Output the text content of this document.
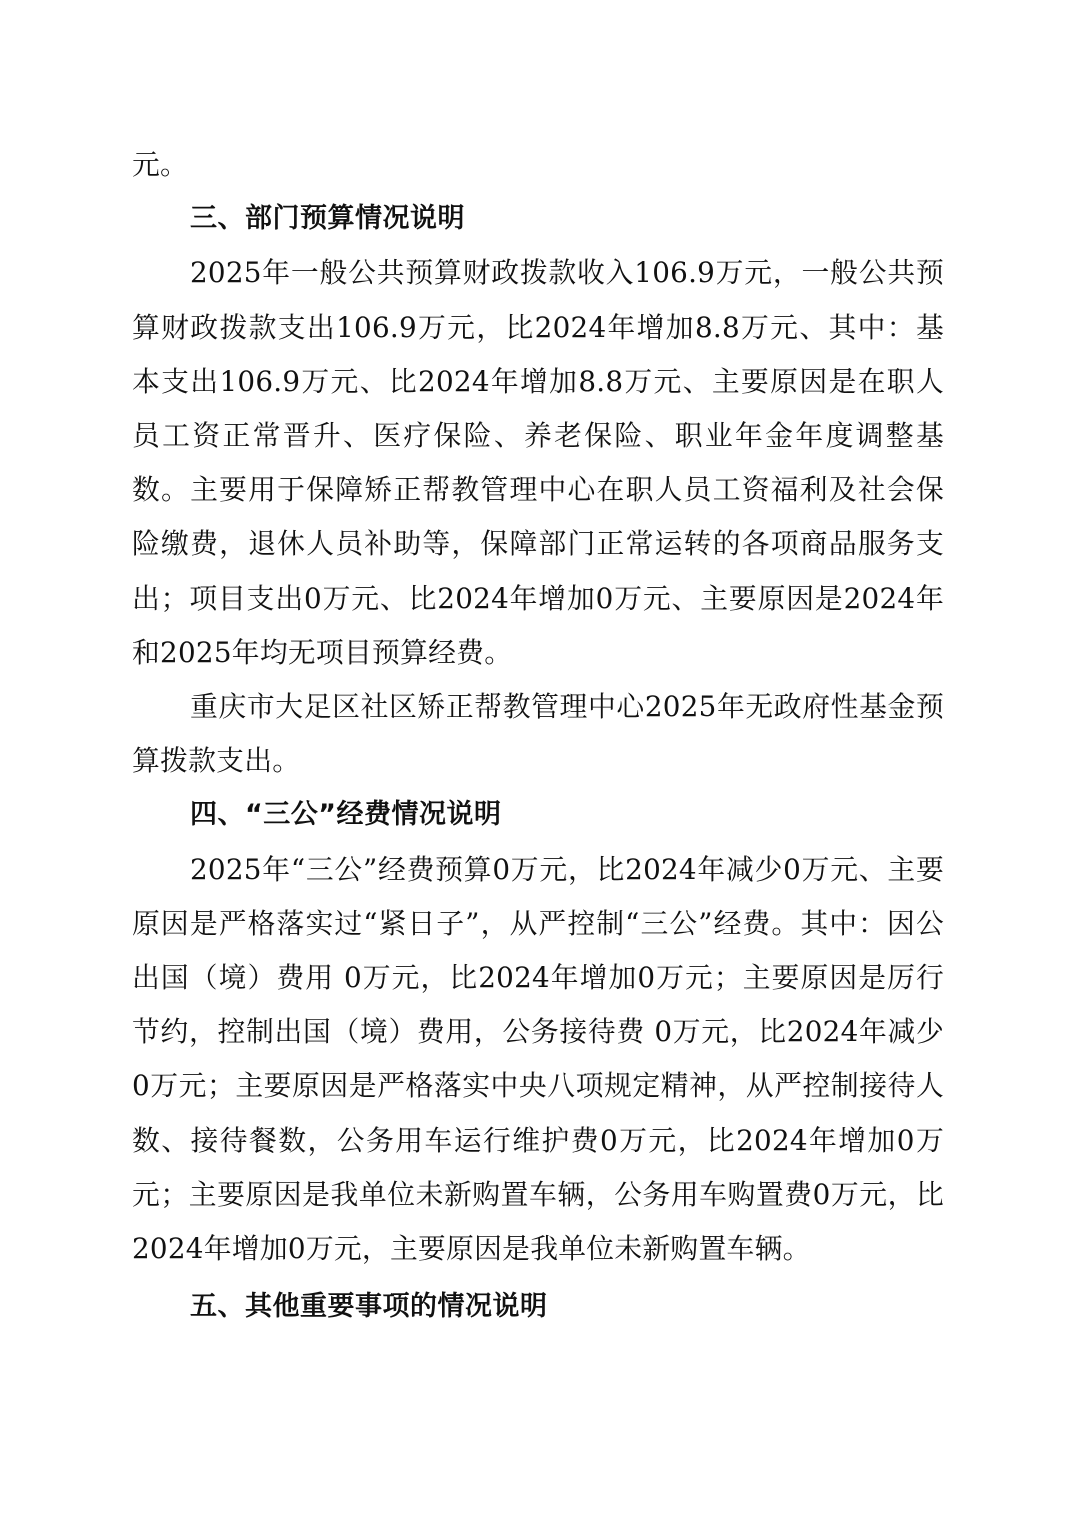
元。

三、部门预算情况说明

2025年一般公共预算财政拨款收入106.9万元，一般公共预算财政拨款支出106.9万元，比2024年增加8.8万元、其中：基本支出106.9万元、比2024年增加8.8万元、主要原因是在职人员工资正常晋升、医疗保险、养老保险、职业年金年度调整基数。主要用于保障矫正帮教管理中心在职人员工资福利及社会保险缴费，退休人员补助等，保障部门正常运转的各项商品服务支出；项目支出0万元、比2024年增加0万元、主要原因是2024年和2025年均无项目预算经费。

重庆市大足区社区矫正帮教管理中心2025年无政府性基金预算拨款支出。

四、“三公”经费情况说明

2025年“三公”经费预算0万元，比2024年减少0万元、主要原因是严格落实过“紧日子”，从严控制“三公”经费。其中：因公出国（境）费用 0万元，比2024年增加0万元；主要原因是厉行节约，控制出国（境）费用，公务接待费 0万元，比2024年减少0万元；主要原因是严格落实中央八项规定精神，从严控制接待人数、接待餐数，公务用车运行维护费0万元，比2024年增加0万元；主要原因是我单位未新购置车辆，公务用车购置费0万元，比2024年增加0万元，主要原因是我单位未新购置车辆。

五、其他重要事项的情况说明
